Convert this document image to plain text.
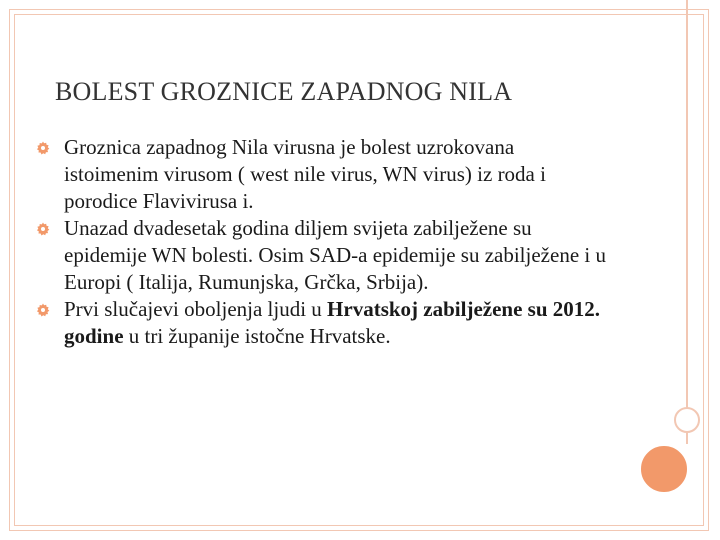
BOLEST GROZNICE ZAPADNOG NILA
Groznica zapadnog Nila virusna je bolest uzrokovana istoimenim virusom ( west nile virus, WN virus) iz roda i porodice Flavivirusa i.
Unazad dvadesetak godina diljem svijeta zabilježene su epidemije WN bolesti. Osim SAD-a epidemije su zabilježene i u Europi ( Italija, Rumunjska, Grčka, Srbija).
Prvi slučajevi oboljenja ljudi u Hrvatskoj zabilježene su 2012. godine u tri županije istočne Hrvatske.
